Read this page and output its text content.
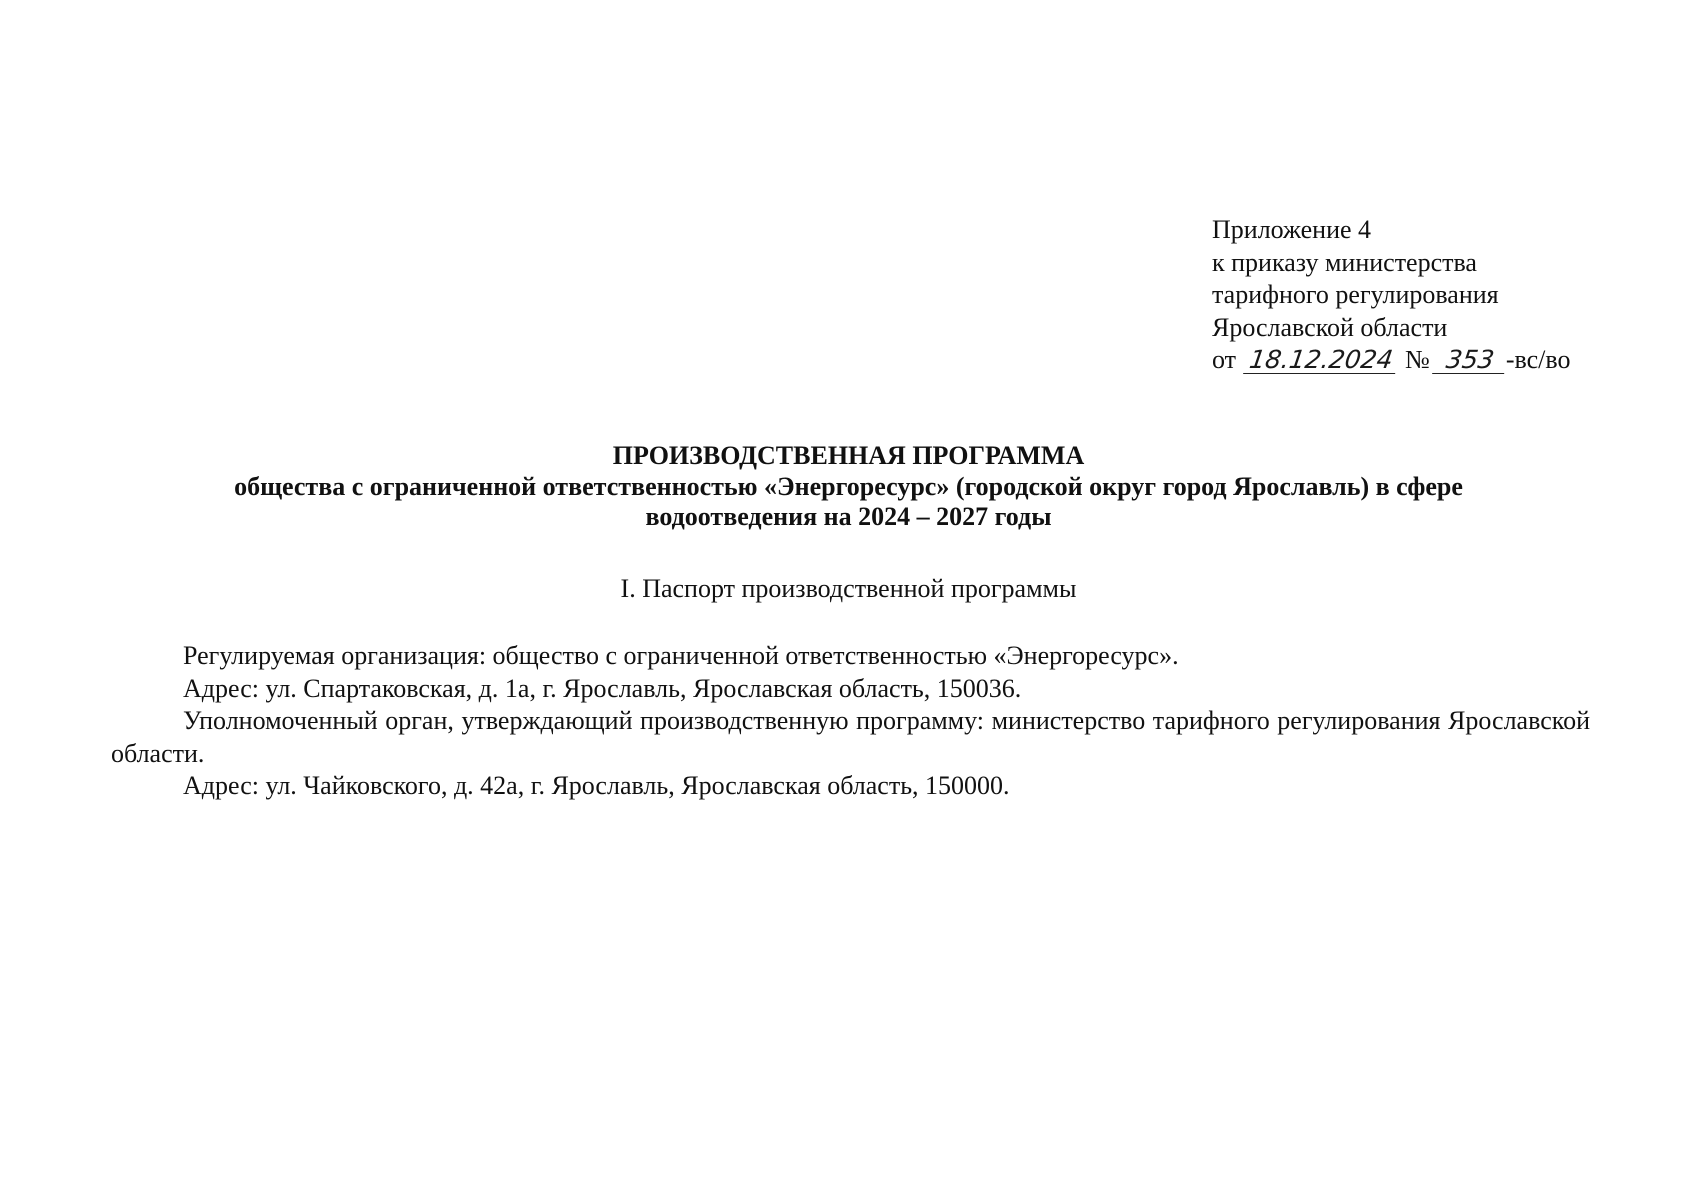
Приложение 4
к приказу министерства
тарифного регулирования
Ярославской области
от 18.12.2024 № 353 -вс/во
ПРОИЗВОДСТВЕННАЯ ПРОГРАММА
общества с ограниченной ответственностью «Энергоресурс» (городской округ город Ярославль) в сфере водоотведения на 2024 – 2027 годы
I. Паспорт производственной программы

Регулируемая организация: общество с ограниченной ответственностью «Энергоресурс».

Адрес: ул. Спартаковская, д. 1а, г. Ярославль, Ярославская область, 150036.

Уполномоченный орган, утверждающий производственную программу: министерство тарифного регулирования Ярославской области.

Адрес: ул. Чайковского, д. 42а, г. Ярославль, Ярославская область, 150000.
